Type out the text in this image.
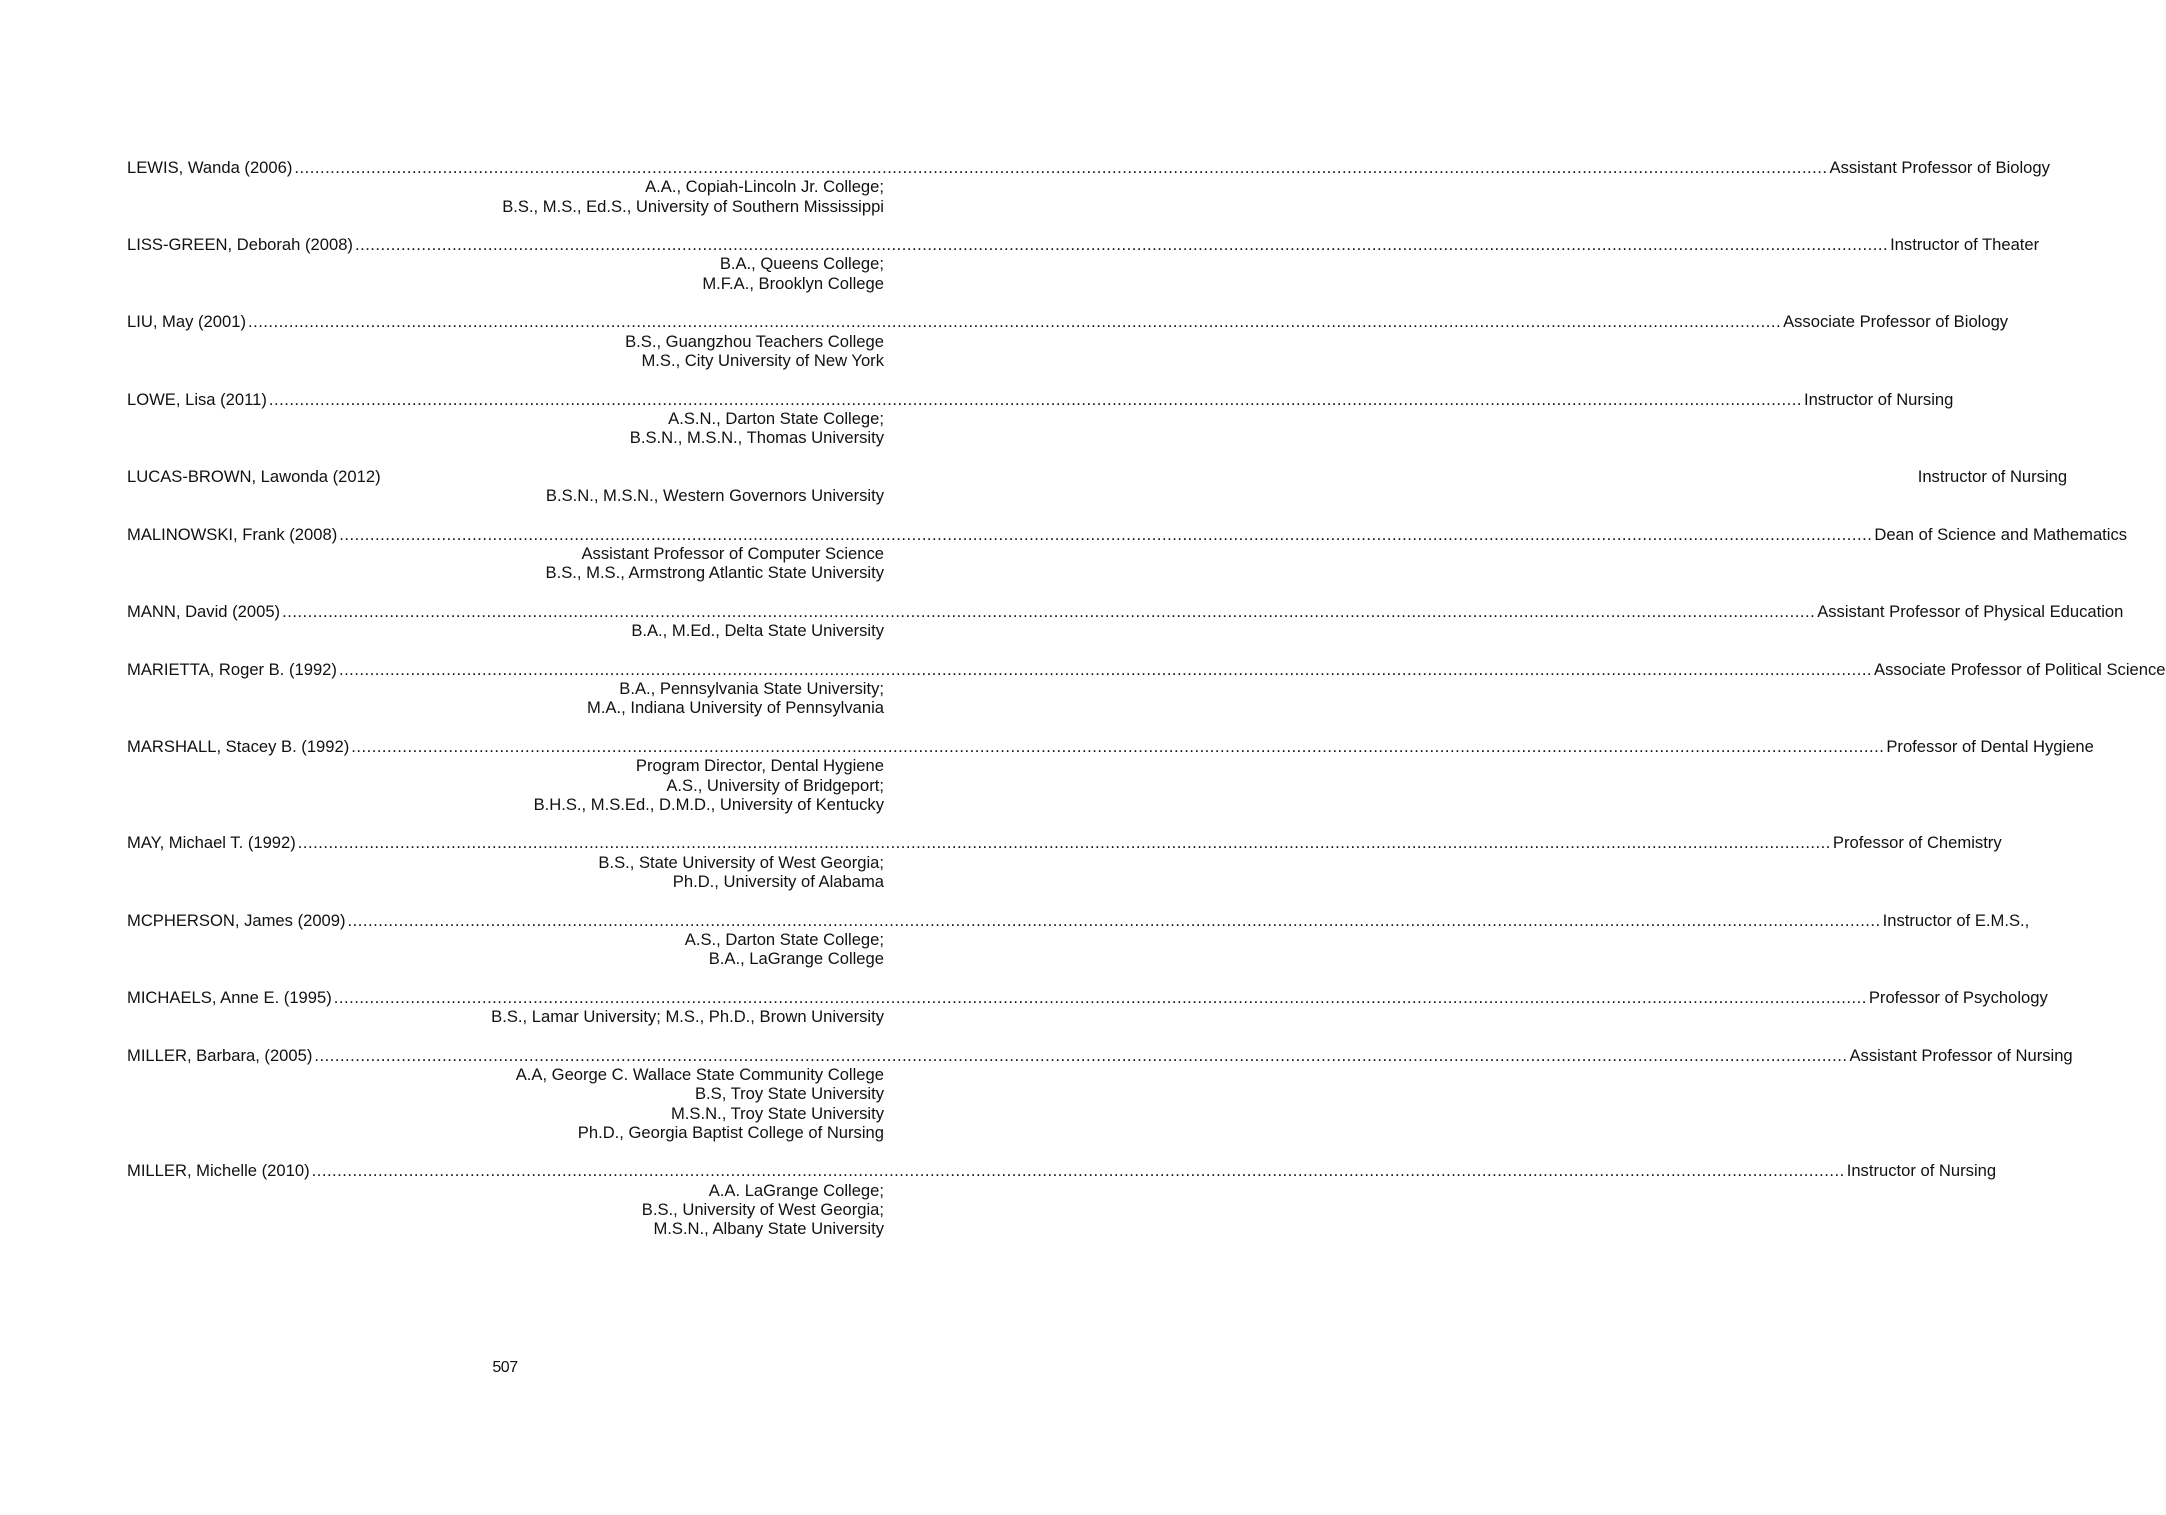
LEWIS, Wanda (2006) ............................................................................................................................................................................................................................................................................................................ Assistant Professor of Biology
A.A., Copiah-Lincoln Jr. College;
B.S., M.S., Ed.S., University of Southern Mississippi
LISS-GREEN, Deborah (2008) ............................................................................................................................................................................................................................................................................................................ Instructor of Theater
B.A., Queens College;
M.F.A., Brooklyn College
LIU, May (2001) ............................................................................................................................................................................................................................................................................................................ Associate Professor of Biology
B.S., Guangzhou Teachers College
M.S., City University of New York
LOWE, Lisa (2011) ............................................................................................................................................................................................................................................................................................................ Instructor of Nursing
A.S.N., Darton State College;
B.S.N., M.S.N., Thomas University
LUCAS-BROWN, Lawonda (2012)	Instructor of Nursing
B.S.N., M.S.N., Western Governors University
MALINOWSKI, Frank (2008) ............................................................................................................................................................................................................................................................................................................ Dean of Science and Mathematics
Assistant Professor of Computer Science
B.S., M.S., Armstrong Atlantic State University
MANN, David (2005) ............................................................................................................................................................................................................................................................................................................ Assistant Professor of Physical Education
B.A., M.Ed., Delta State University
MARIETTA, Roger B. (1992) ............................................................................................................................................................................................................................................................................................................ Associate Professor of Political Science
B.A., Pennsylvania State University;
M.A., Indiana University of Pennsylvania
MARSHALL, Stacey B. (1992) ............................................................................................................................................................................................................................................................................................................ Professor of Dental Hygiene
Program Director, Dental Hygiene
A.S., University of Bridgeport;
B.H.S., M.S.Ed., D.M.D., University of Kentucky
MAY, Michael T. (1992) ............................................................................................................................................................................................................................................................................................................ Professor of Chemistry
B.S., State University of West Georgia;
Ph.D., University of Alabama
MCPHERSON, James (2009) ............................................................................................................................................................................................................................................................................................................ Instructor of E.M.S.,
A.S., Darton State College;
B.A., LaGrange College
MICHAELS, Anne E. (1995) ............................................................................................................................................................................................................................................................................................................ Professor of Psychology
B.S., Lamar University; M.S., Ph.D., Brown University
MILLER, Barbara, (2005) ............................................................................................................................................................................................................................................................................................................ Assistant Professor of Nursing
A.A, George C. Wallace State Community College
B.S, Troy State University
M.S.N., Troy State University
Ph.D., Georgia Baptist College of Nursing
MILLER, Michelle (2010) ............................................................................................................................................................................................................................................................................................................ Instructor of Nursing
A.A. LaGrange College;
B.S., University of West Georgia;
M.S.N., Albany State University
507
